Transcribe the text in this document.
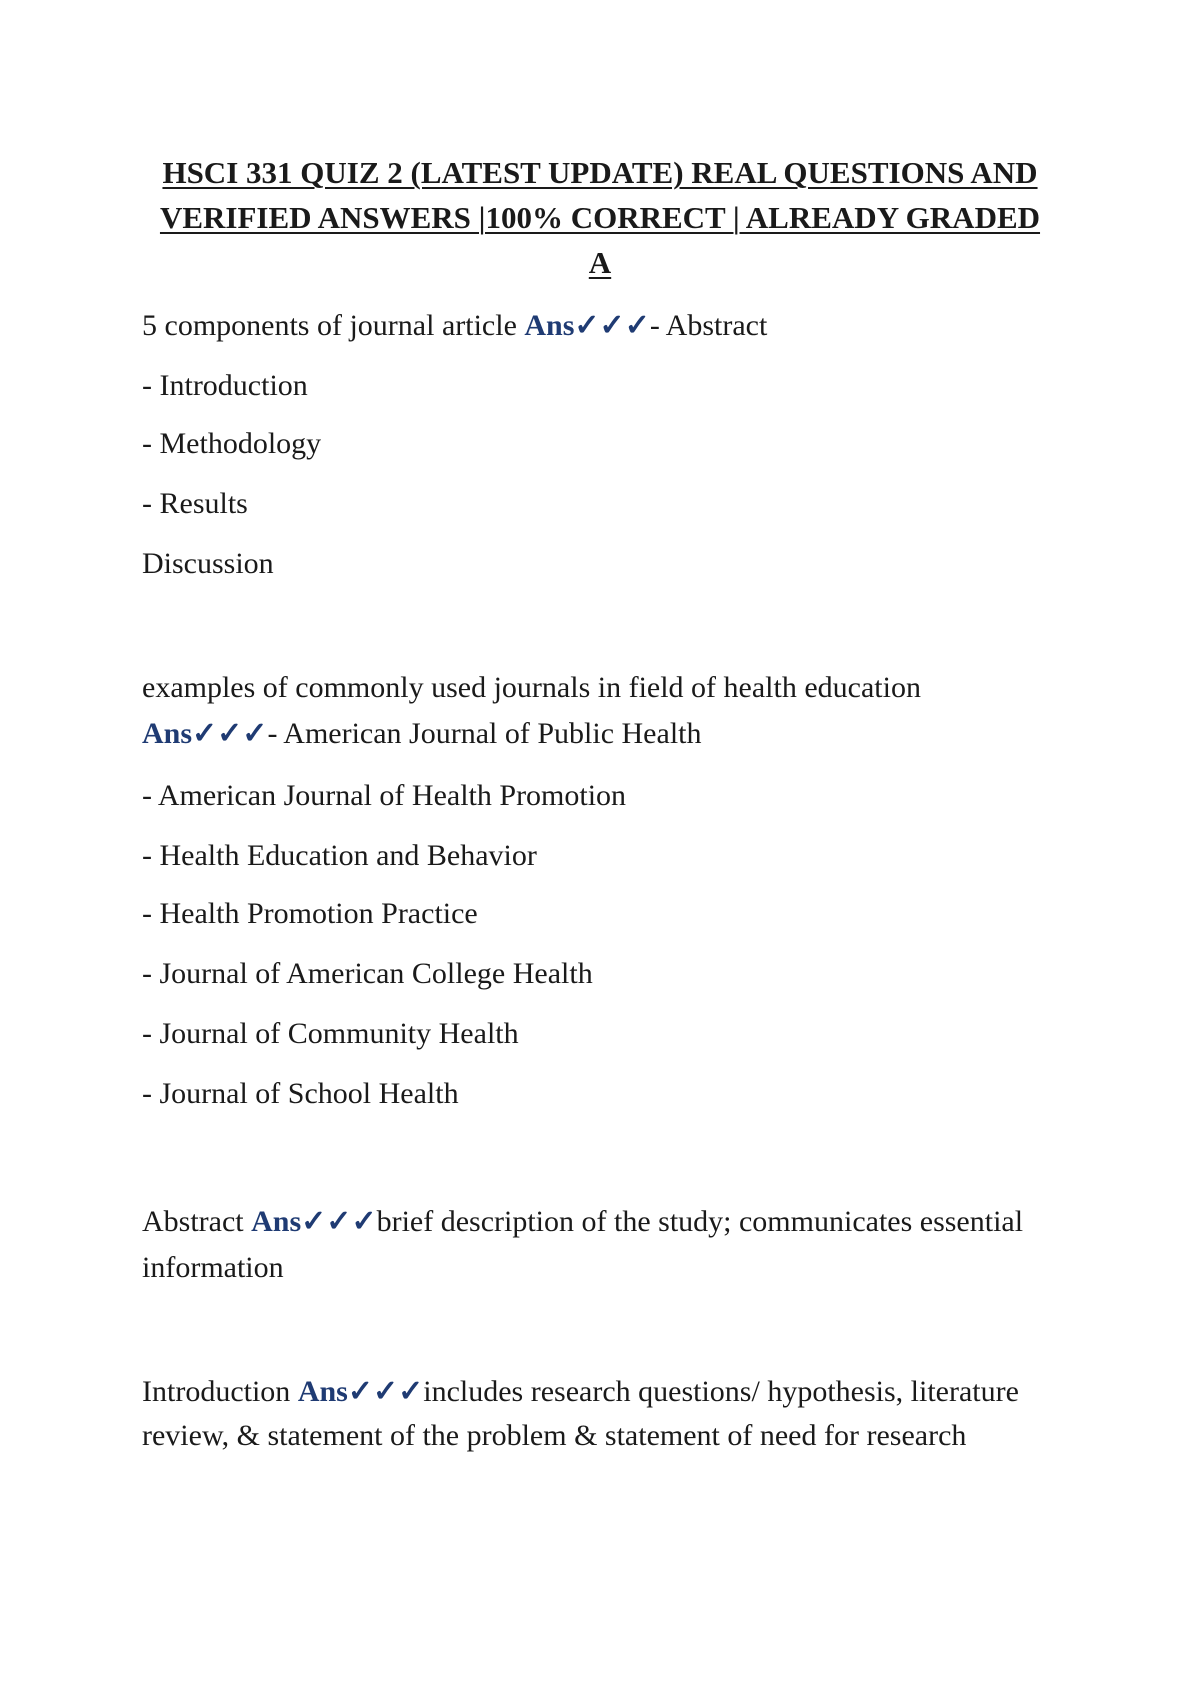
HSCI 331 QUIZ 2 (LATEST UPDATE) REAL QUESTIONS AND
VERIFIED ANSWERS |100% CORRECT | ALREADY GRADED
A

5 components of journal article Ans✓✓✓- Abstract

- Introduction

- Methodology

- Results

Discussion

examples of commonly used journals in field of health education

Ans✓✓✓- American Journal of Public Health

- American Journal of Health Promotion

- Health Education and Behavior

- Health Promotion Practice

- Journal of American College Health

- Journal of Community Health

- Journal of School Health

Abstract Ans✓✓✓brief description of the study; communicates essential

information

Introduction Ans✓✓✓includes research questions/ hypothesis, literature

review, & statement of the problem & statement of need for research
